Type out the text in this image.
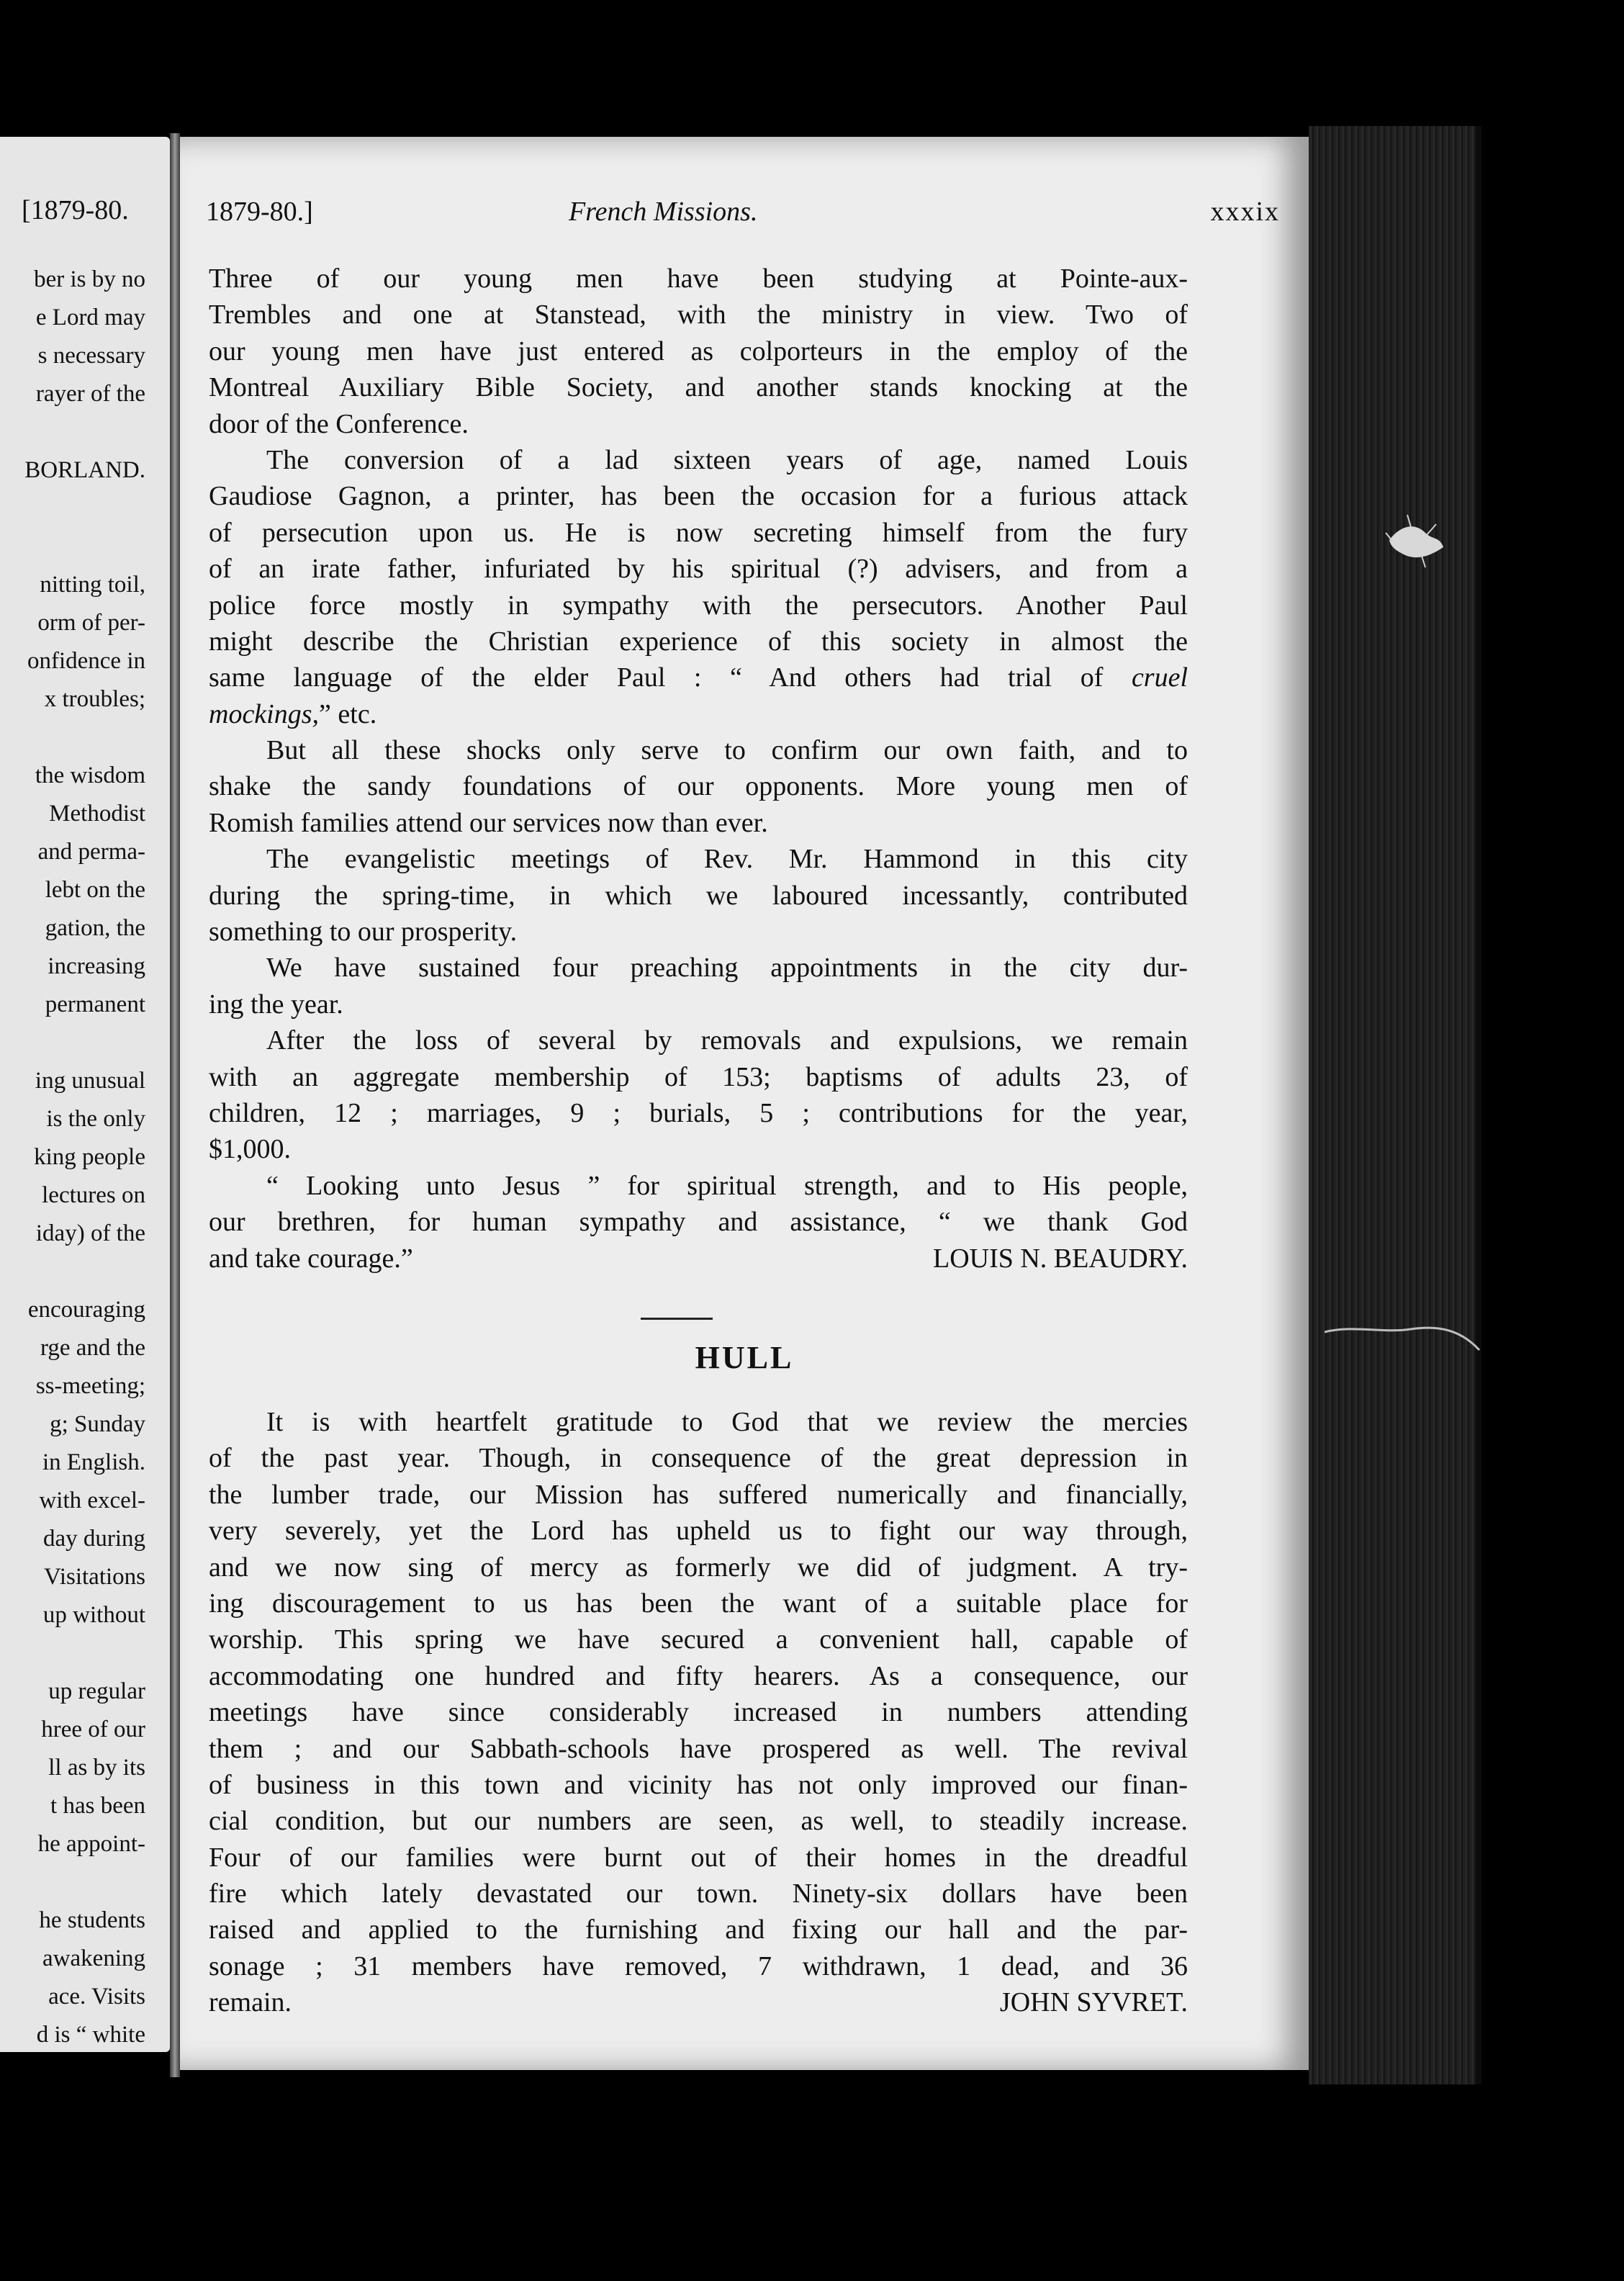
[1879-80.
ber is by no
e Lord may
s necessary
rayer of the
BORLAND.
nitting toil,
orm of per-
onfidence in
x troubles;
the wisdom
Methodist
and perma-
lebt on the
gation, the
increasing
permanent
ing unusual
is the only
king people
lectures on
iday) of the
encouraging
rge and the
ss-meeting;
g; Sunday
in English.
with excel-
day during
Visitations
up without
up regular
hree of our
ll as by its
t has been
he appoint-
he students
awakening
ace. Visits
d is “ white
1879-80.]	French Missions.	xxxix
Three of our young men have been studying at Pointe-aux-
Trembles and one at Stanstead, with the ministry in view. Two of
our young men have just entered as colporteurs in the employ of the
Montreal Auxiliary Bible Society, and another stands knocking at the
door of the Conference.
The conversion of a lad sixteen years of age, named Louis
Gaudiose Gagnon, a printer, has been the occasion for a furious attack
of persecution upon us. He is now secreting himself from the fury
of an irate father, infuriated by his spiritual (?) advisers, and from a
police force mostly in sympathy with the persecutors. Another Paul
might describe the Christian experience of this society in almost the
same language of the elder Paul : “ And others had trial of cruel
mockings,” etc.
But all these shocks only serve to confirm our own faith, and to
shake the sandy foundations of our opponents. More young men of
Romish families attend our services now than ever.
The evangelistic meetings of Rev. Mr. Hammond in this city
during the spring-time, in which we laboured incessantly, contributed
something to our prosperity.
We have sustained four preaching appointments in the city dur-
ing the year.
After the loss of several by removals and expulsions, we remain
with an aggregate membership of 153; baptisms of adults 23, of
children, 12 ; marriages, 9 ; burials, 5 ; contributions for the year,
$1,000.
“ Looking unto Jesus ” for spiritual strength, and to His people,
our brethren, for human sympathy and assistance, “ we thank God
and take courage.”	LOUIS N. BEAUDRY.
HULL
It is with heartfelt gratitude to God that we review the mercies
of the past year. Though, in consequence of the great depression in
the lumber trade, our Mission has suffered numerically and financially,
very severely, yet the Lord has upheld us to fight our way through,
and we now sing of mercy as formerly we did of judgment. A try-
ing discouragement to us has been the want of a suitable place for
worship. This spring we have secured a convenient hall, capable of
accommodating one hundred and fifty hearers. As a consequence, our
meetings have since considerably increased in numbers attending
them ; and our Sabbath-schools have prospered as well. The revival
of business in this town and vicinity has not only improved our finan-
cial condition, but our numbers are seen, as well, to steadily increase.
Four of our families were burnt out of their homes in the dreadful
fire which lately devastated our town. Ninety-six dollars have been
raised and applied to the furnishing and fixing our hall and the par-
sonage ; 31 members have removed, 7 withdrawn, 1 dead, and 36
remain.	JOHN SYVRET.
